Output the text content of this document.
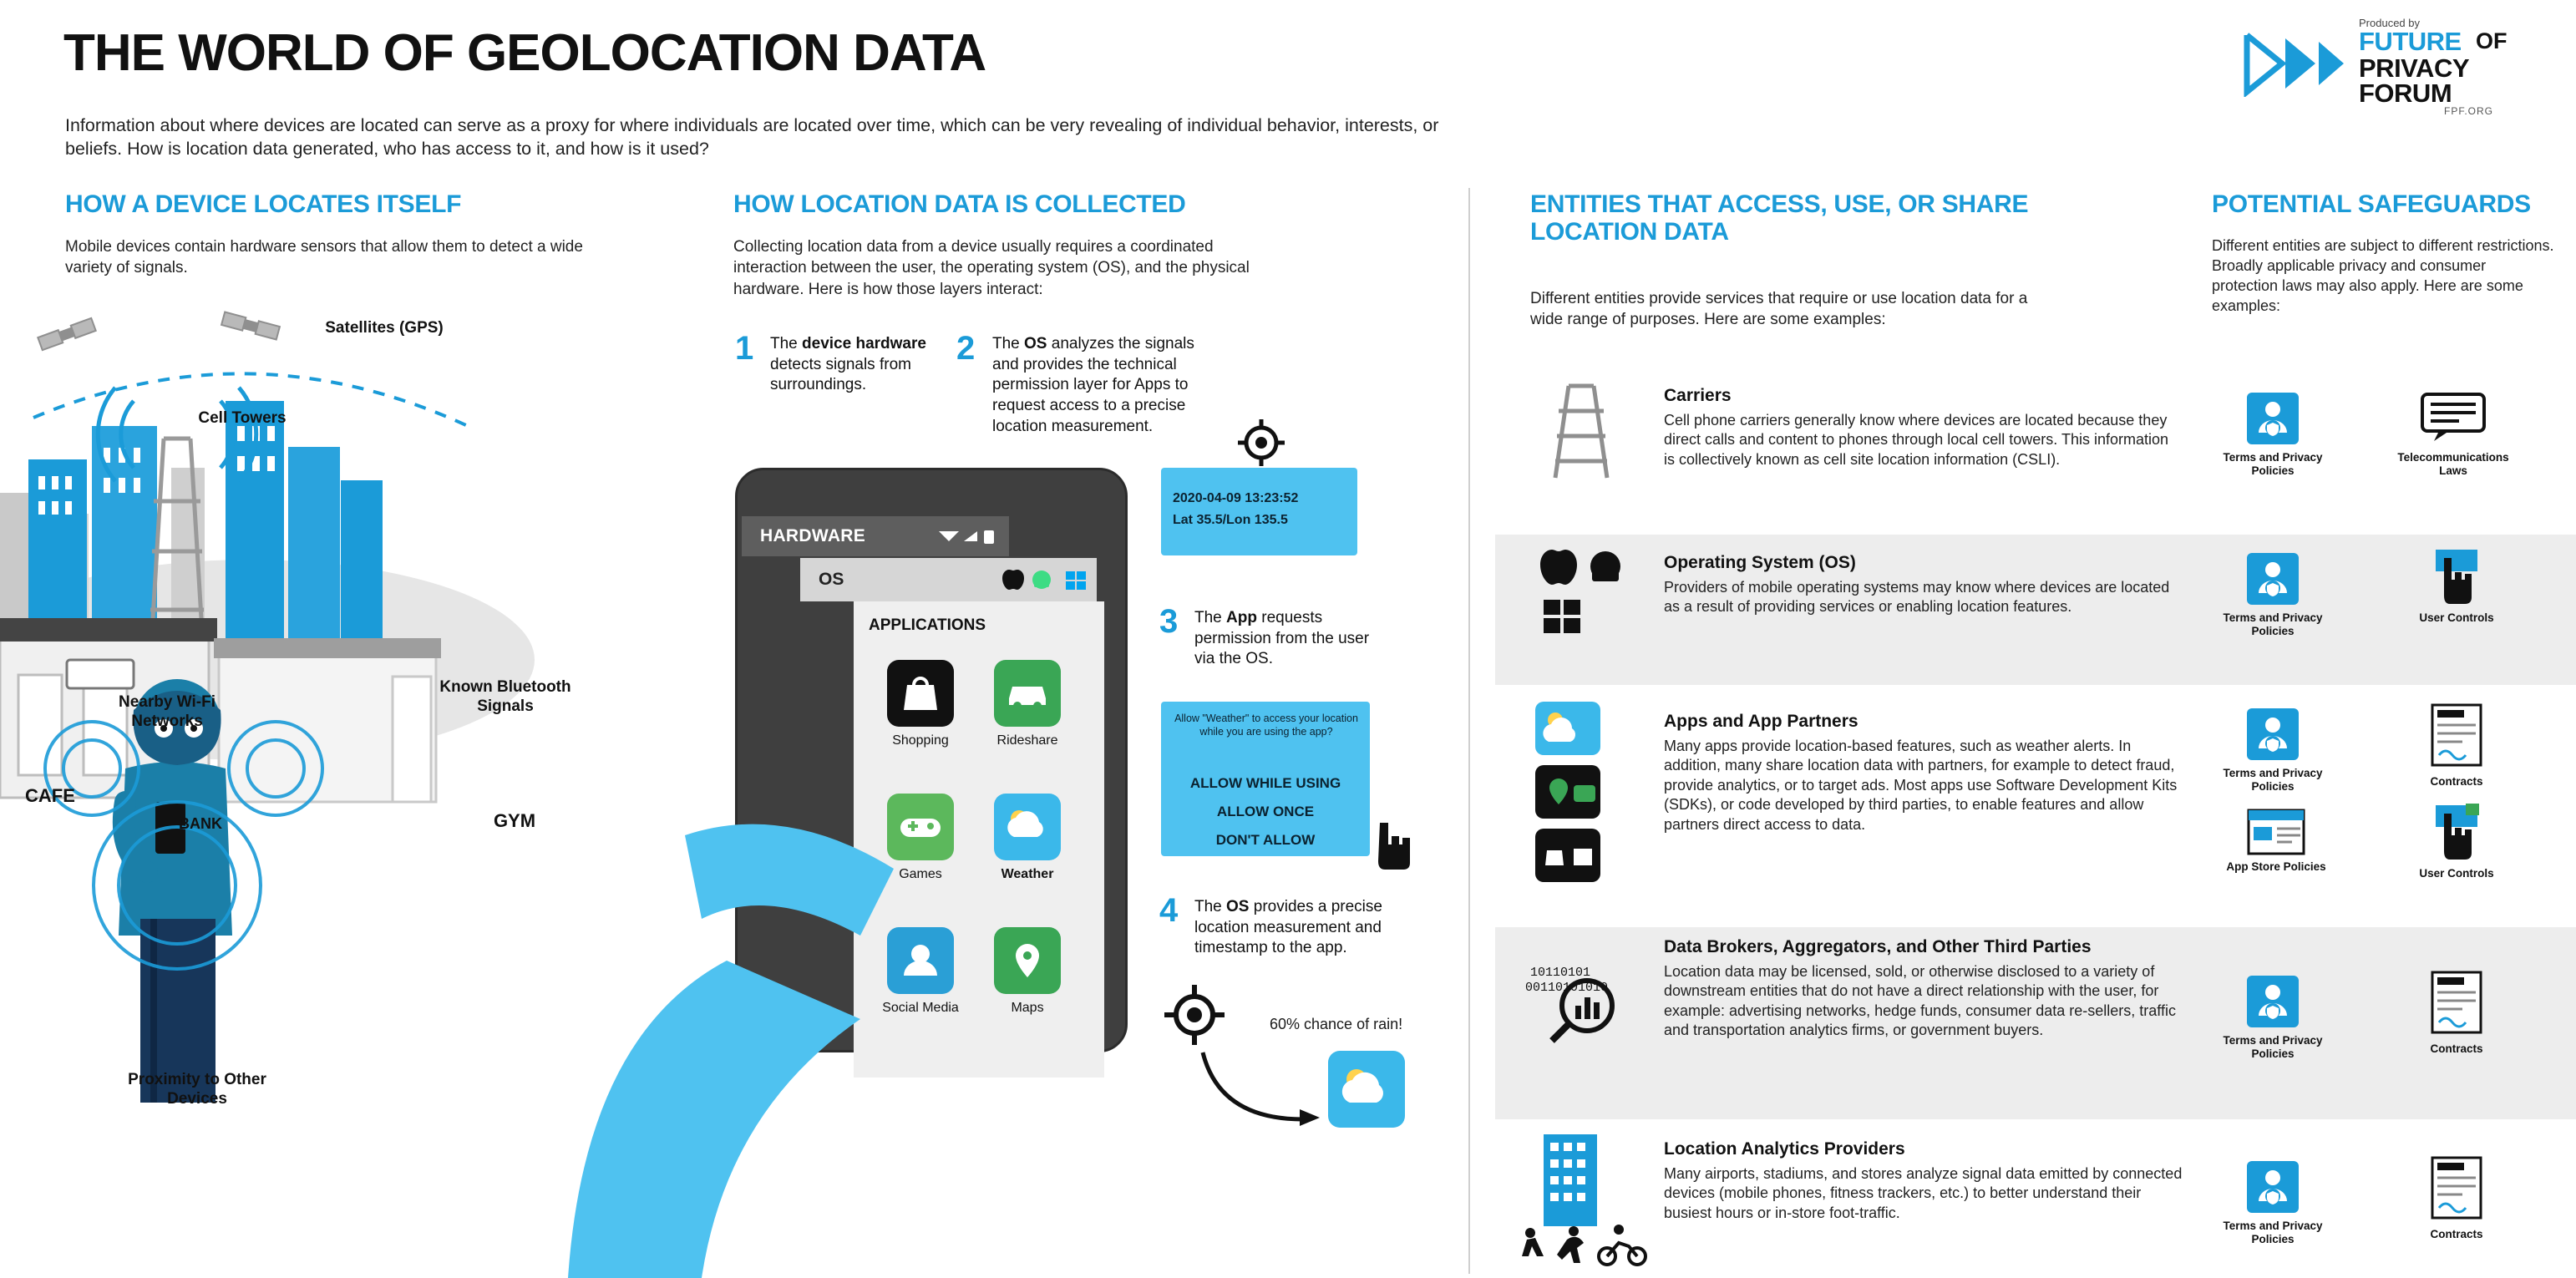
THE WORLD OF GEOLOCATION DATA
Information about where devices are located can serve as a proxy for where individuals are located over time, which can be very revealing of individual behavior, interests, or beliefs. How is location data generated, who has access to it, and how is it used?
Produced by
FUTURE OF
PRIVACY
FORUM
FPF.ORG
HOW A DEVICE LOCATES ITSELF
Mobile devices contain hardware sensors that allow them to detect a wide variety of signals.
HOW LOCATION DATA IS COLLECTED
Collecting location data from a device usually requires a coordinated interaction between the user, the operating system (OS), and the physical hardware. Here is how those layers interact:
ENTITIES THAT ACCESS, USE, OR SHARE LOCATION DATA
Different entities provide services that require or use location data for a wide range of purposes. Here are some examples:
POTENTIAL SAFEGUARDS
Different entities are subject to different restrictions. Broadly applicable privacy and consumer protection laws may also apply. Here are some examples:
Satellites (GPS)
Cell Towers
Nearby Wi-Fi Networks
Known Bluetooth Signals
Proximity to Other Devices
CAFE
BANK	GYM
1 The device hardware detects signals from surroundings.
2 The OS analyzes the signals and provides the technical permission layer for Apps to request access to a precise location measurement.
3 The App requests permission from the user via the OS.
4 The OS provides a precise location measurement and timestamp to the app.
HARDWARE
OS
APPLICATIONS
Shopping	Rideshare
Games	Weather
Social Media	Maps
2020-04-09 13:23:52
Lat 35.5/Lon 135.5
Allow "Weather" to access your location while you are using the app?
ALLOW WHILE USING
ALLOW ONCE
DON'T ALLOW
60% chance of rain!
Carriers
Cell phone carriers generally know where devices are located because they direct calls and content to phones through local cell towers. This information is collectively known as cell site location information (CSLI).	Terms and Privacy Policies
Telecommunications Laws
Operating System (OS)
Providers of mobile operating systems may know where devices are located as a result of providing services or enabling location features.
Terms and Privacy Policies
User Controls
Apps and App Partners
Many apps provide location-based features, such as weather alerts. In addition, many share location data with partners, for example to detect fraud, provide analytics, or to target ads. Most apps use Software Development Kits (SDKs), or code developed by third parties, to enable features and allow partners direct access to data.
Terms and Privacy Policies	Contracts
App Store Policies
User Controls
10110101
00110101010
Data Brokers, Aggregators, and Other Third Parties
Location data may be licensed, sold, or otherwise disclosed to a variety of downstream entities that do not have a direct relationship with the user, for example: advertising networks, hedge funds, consumer data re-sellers, traffic and transportation analytics firms, or government buyers.
Terms and Privacy Policies	Contracts
Location Analytics Providers
Many airports, stadiums, and stores analyze signal data emitted by connected devices (mobile phones, fitness trackers, etc.) to better understand their busiest hours or in-store foot-traffic.
Terms and Privacy Policies	Contracts
